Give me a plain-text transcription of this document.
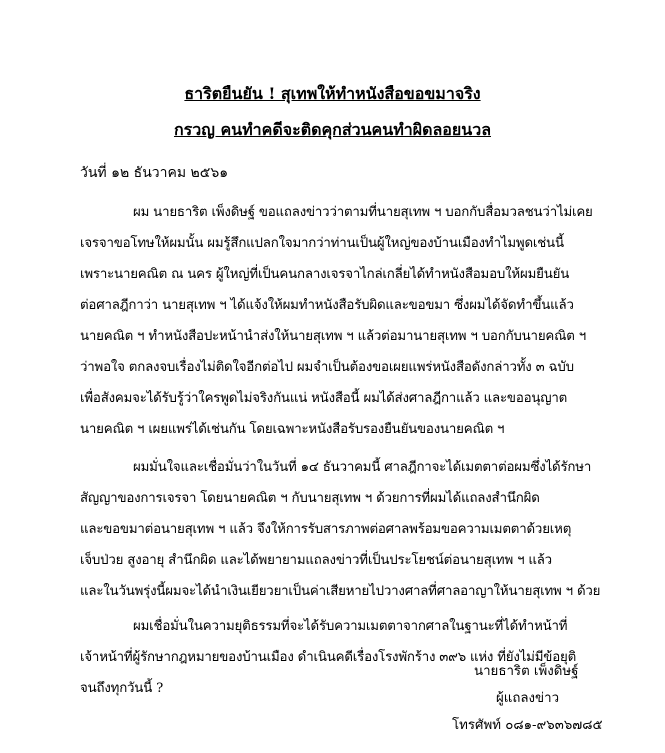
ธาริตยืนยัน ! สุเทพให้ทำหนังสือขอขมาจริง
กรวญ คนทำคดีจะติดคุกส่วนคนทำผิดลอยนวล
วันที่ ๑๒ ธันวาคม ๒๕๖๑
ผม นายธาริต เพ็งดิษฐ์ ขอแถลงข่าวว่าตามที่นายสุเทพ ฯ บอกกับสื่อมวลชนว่าไม่เคย
เจรจาขอโทษให้ผมนั้น ผมรู้สึกแปลกใจมากว่าท่านเป็นผู้ใหญ่ของบ้านเมืองทำไมพูดเช่นนี้
เพราะนายคณิต ณ นคร ผู้ใหญ่ที่เป็นคนกลางเจรจาไกล่เกลี่ยได้ทำหนังสือมอบให้ผมยืนยัน
ต่อศาลฎีกาว่า นายสุเทพ ฯ ได้แจ้งให้ผมทำหนังสือรับผิดและขอขมา ซึ่งผมได้จัดทำขึ้นแล้ว
นายคณิต ฯ ทำหนังสือปะหน้านำส่งให้นายสุเทพ ฯ แล้วต่อมานายสุเทพ ฯ บอกกับนายคณิต ฯ
ว่าพอใจ ตกลงจบเรื่องไม่ติดใจอีกต่อไป ผมจำเป็นต้องขอเผยแพร่หนังสือดังกล่าวทั้ง ๓ ฉบับ
เพื่อสังคมจะได้รับรู้ว่าใครพูดไม่จริงกันแน่ หนังสือนี้ ผมได้ส่งศาลฎีกาแล้ว และขออนุญาต
นายคณิต ฯ เผยแพร่ได้เช่นกัน โดยเฉพาะหนังสือรับรองยืนยันของนายคณิต ฯ
ผมมั่นใจและเชื่อมั่นว่าในวันที่ ๑๔ ธันวาคมนี้ ศาลฎีกาจะได้เมตตาต่อผมซึ่งได้รักษา
สัญญาของการเจรจา โดยนายคณิต ฯ กับนายสุเทพ ฯ ด้วยการที่ผมได้แถลงสำนึกผิด
และขอขมาต่อนายสุเทพ ฯ แล้ว จึงให้การรับสารภาพต่อศาลพร้อมขอความเมตตาด้วยเหตุ
เจ็บป่วย สูงอายุ สำนึกผิด และได้พยายามแถลงข่าวที่เป็นประโยชน์ต่อนายสุเทพ ฯ แล้ว
และในวันพรุ่งนี้ผมจะได้นำเงินเยียวยาเป็นค่าเสียหายไปวางศาลที่ศาลอาญาให้นายสุเทพ ฯ ด้วย
ผมเชื่อมั่นในความยุติธรรมที่จะได้รับความเมตตาจากศาลในฐานะที่ได้ทำหน้าที่
เจ้าหน้าที่ผู้รักษากฎหมายของบ้านเมือง ดำเนินคดีเรื่องโรงพักร้าง ๓๙๖ แห่ง ที่ยังไม่มีข้อยุติ
จนถึงทุกวันนี้ ?
นายธาริต เพ็งดิษฐ์
ผู้แถลงข่าว
โทรศัพท์ ๐๘๑-๙๖๓๖๗๘๕
